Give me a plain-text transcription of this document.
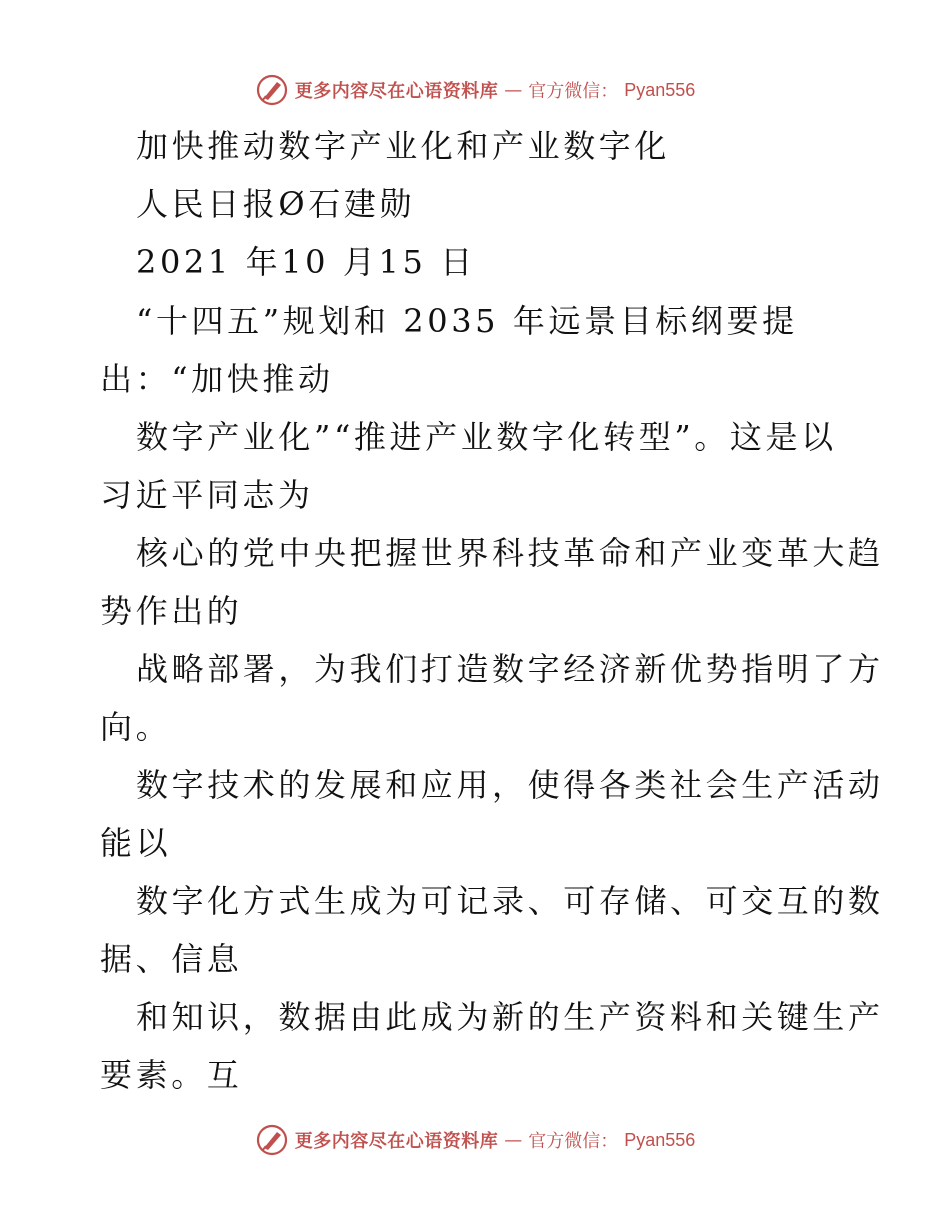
更多内容尽在心语资料库 — 官方微信： Pyan556
加快推动数字产业化和产业数字化
人民日报Ø石建勋
2021 年10 月15 日
“十四五”规划和 2035 年远景目标纲要提
出：“加快推动
数字产业化”“推进产业数字化转型”。这是以
习近平同志为
核心的党中央把握世界科技革命和产业变革大趋
势作出的
战略部署，为我们打造数字经济新优势指明了方
向。
数字技术的发展和应用，使得各类社会生产活动
能以
数字化方式生成为可记录、可存储、可交互的数
据、信息
和知识，数据由此成为新的生产资料和关键生产
要素。互
更多内容尽在心语资料库 — 官方微信： Pyan556
